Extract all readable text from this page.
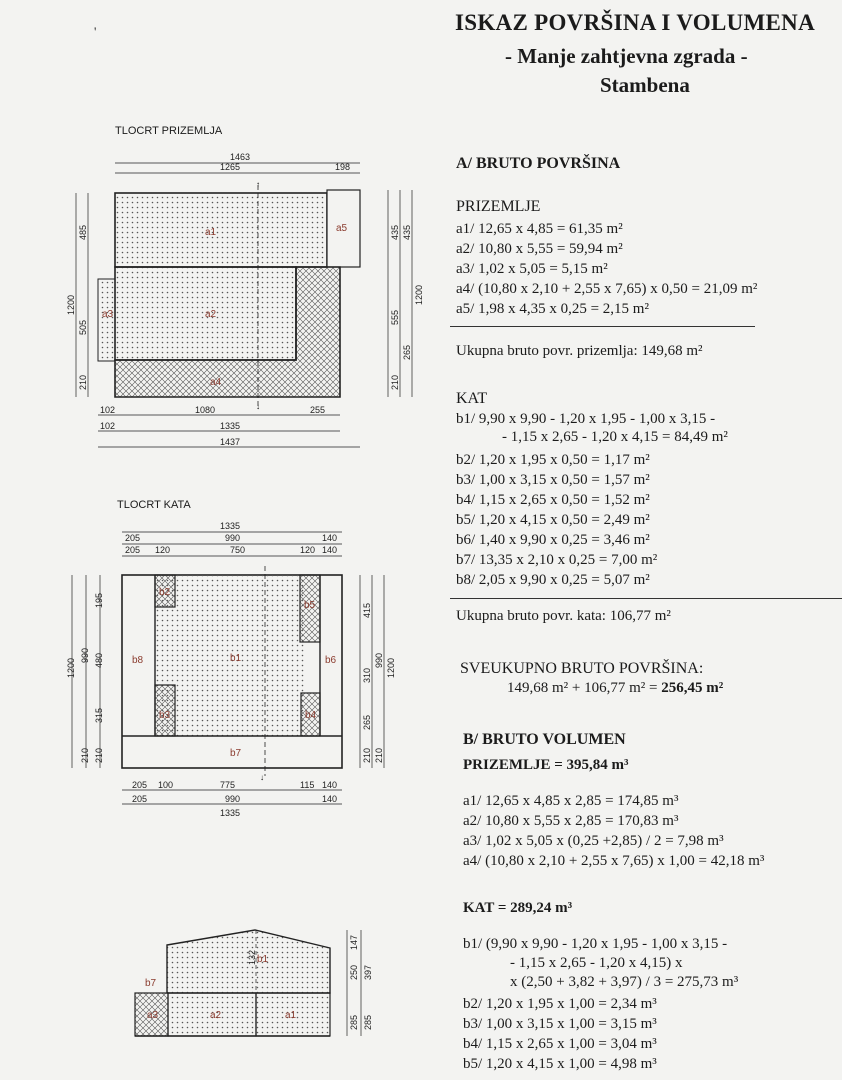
ISKAZ POVRŠINA I VOLUMENA
- Manje zahtjevna zgrada -
Stambena
'
TLOCRT PRIZEMLJA
TLOCRT KATA
1463
1265	198
1200
485
505
210
435 435
555
265
1200
210
102	1080	255
102	1335
1437
↑
↓
a1
a2
a3
a4
a5
1335
205	990	140
205 120	750	120 140
1200
990
195
480
315
210 210
415
990 1200
310
265
210 210
205 100	775	115 140
205	990	140
1335
↓
b1
b2
b3	b4
b5
b6
b7
b8
b1
b7
a3	a2	a1
147
397
250
285 285
132
A/ BRUTO POVRŠINA
PRIZEMLJE
a1/ 12,65 x 4,85 = 61,35 m²
a2/ 10,80 x 5,55 = 59,94 m²
a3/ 1,02 x 5,05 = 5,15 m²
a4/ (10,80 x 2,10 + 2,55 x 7,65) x 0,50 = 21,09 m²
a5/ 1,98 x 4,35 x 0,25 = 2,15 m²
Ukupna bruto povr. prizemlja: 149,68 m²
KAT
b1/ 9,90 x 9,90 - 1,20 x 1,95 - 1,00 x 3,15 -
- 1,15 x 2,65 - 1,20 x 4,15 = 84,49 m²
b2/ 1,20 x 1,95 x 0,50 = 1,17 m²
b3/ 1,00 x 3,15 x 0,50 = 1,57 m²
b4/ 1,15 x 2,65 x 0,50 = 1,52 m²
b5/ 1,20 x 4,15 x 0,50 = 2,49 m²
b6/ 1,40 x 9,90 x 0,25 = 3,46 m²
b7/ 13,35 x 2,10 x 0,25 = 7,00 m²
b8/ 2,05 x 9,90 x 0,25 = 5,07 m²
Ukupna bruto povr. kata: 106,77 m²
SVEUKUPNO BRUTO POVRŠINA:
149,68 m² + 106,77 m² = 256,45 m²
B/ BRUTO VOLUMEN
PRIZEMLJE = 395,84 m³
a1/ 12,65 x 4,85 x 2,85 = 174,85 m³
a2/ 10,80 x 5,55 x 2,85 = 170,83 m³
a3/ 1,02 x 5,05 x (0,25 +2,85) / 2 = 7,98 m³
a4/ (10,80 x 2,10 + 2,55 x 7,65) x 1,00 = 42,18 m³
KAT = 289,24 m³
b1/ (9,90 x 9,90 - 1,20 x 1,95 - 1,00 x 3,15 -
- 1,15 x 2,65 - 1,20 x 4,15) x
x (2,50 + 3,82 + 3,97) / 3 = 275,73 m³
b2/ 1,20 x 1,95 x 1,00 = 2,34 m³
b3/ 1,00 x 3,15 x 1,00 = 3,15 m³
b4/ 1,15 x 2,65 x 1,00 = 3,04 m³
b5/ 1,20 x 4,15 x 1,00 = 4,98 m³
